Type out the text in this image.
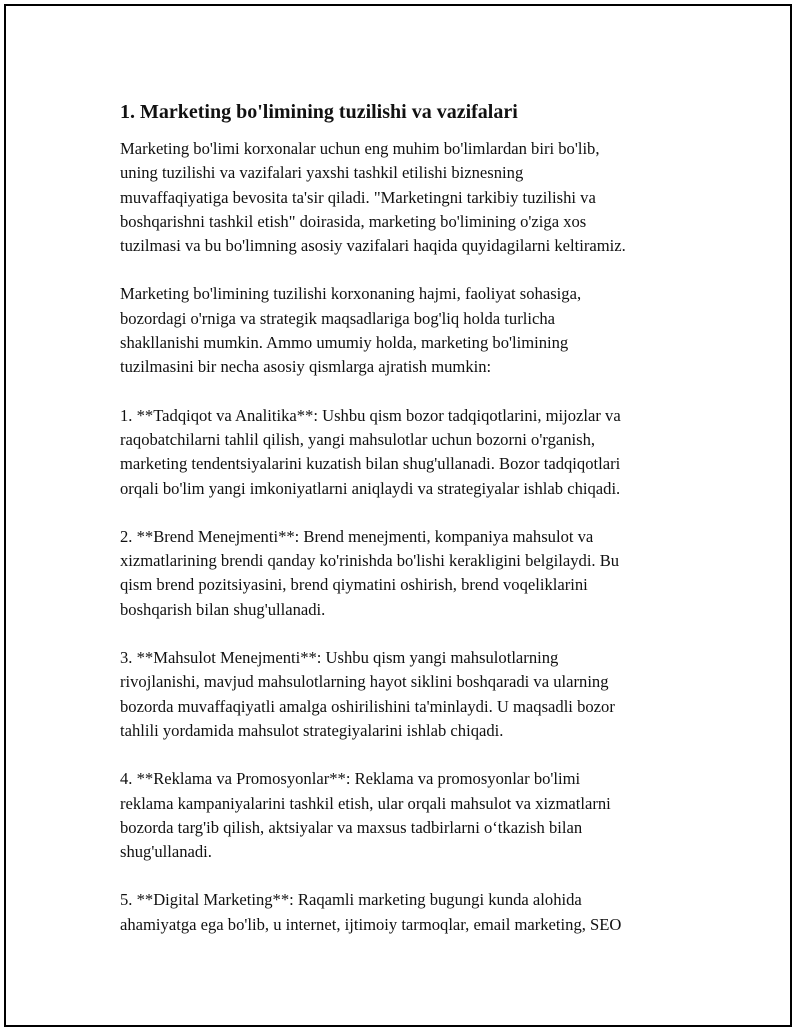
1. Marketing bo'limining tuzilishi va vazifalari

Marketing bo'limi korxonalar uchun eng muhim bo'limlardan biri bo'lib,
uning tuzilishi va vazifalari yaxshi tashkil etilishi biznesning
muvaffaqiyatiga bevosita ta'sir qiladi. "Marketingni tarkibiy tuzilishi va
boshqarishni tashkil etish" doirasida, marketing bo'limining o'ziga xos
tuzilmasi va bu bo'limning asosiy vazifalari haqida quyidagilarni keltiramiz.

Marketing bo'limining tuzilishi korxonaning hajmi, faoliyat sohasiga,
bozordagi o'rniga va strategik maqsadlariga bog'liq holda turlicha
shakllanishi mumkin. Ammo umumiy holda, marketing bo'limining
tuzilmasini bir necha asosiy qismlarga ajratish mumkin:

1. **Tadqiqot va Analitika**: Ushbu qism bozor tadqiqotlarini, mijozlar va
raqobatchilarni tahlil qilish, yangi mahsulotlar uchun bozorni o'rganish,
marketing tendentsiyalarini kuzatish bilan shug'ullanadi. Bozor tadqiqotlari
orqali bo'lim yangi imkoniyatlarni aniqlaydi va strategiyalar ishlab chiqadi.

2. **Brend Menejmenti**: Brend menejmenti, kompaniya mahsulot va
xizmatlarining brendi qanday ko'rinishda bo'lishi kerakligini belgilaydi. Bu
qism brend pozitsiyasini, brend qiymatini oshirish, brend voqeliklarini
boshqarish bilan shug'ullanadi.

3. **Mahsulot Menejmenti**: Ushbu qism yangi mahsulotlarning
rivojlanishi, mavjud mahsulotlarning hayot siklini boshqaradi va ularning
bozorda muvaffaqiyatli amalga oshirilishini ta'minlaydi. U maqsadli bozor
tahlili yordamida mahsulot strategiyalarini ishlab chiqadi.

4. **Reklama va Promosyonlar**: Reklama va promosyonlar bo'limi
reklama kampaniyalarini tashkil etish, ular orqali mahsulot va xizmatlarni
bozorda targ'ib qilish, aktsiyalar va maxsus tadbirlarni o‘tkazish bilan
shug'ullanadi.

5. **Digital Marketing**: Raqamli marketing bugungi kunda alohida
ahamiyatga ega bo'lib, u internet, ijtimoiy tarmoqlar, email marketing, SEO
